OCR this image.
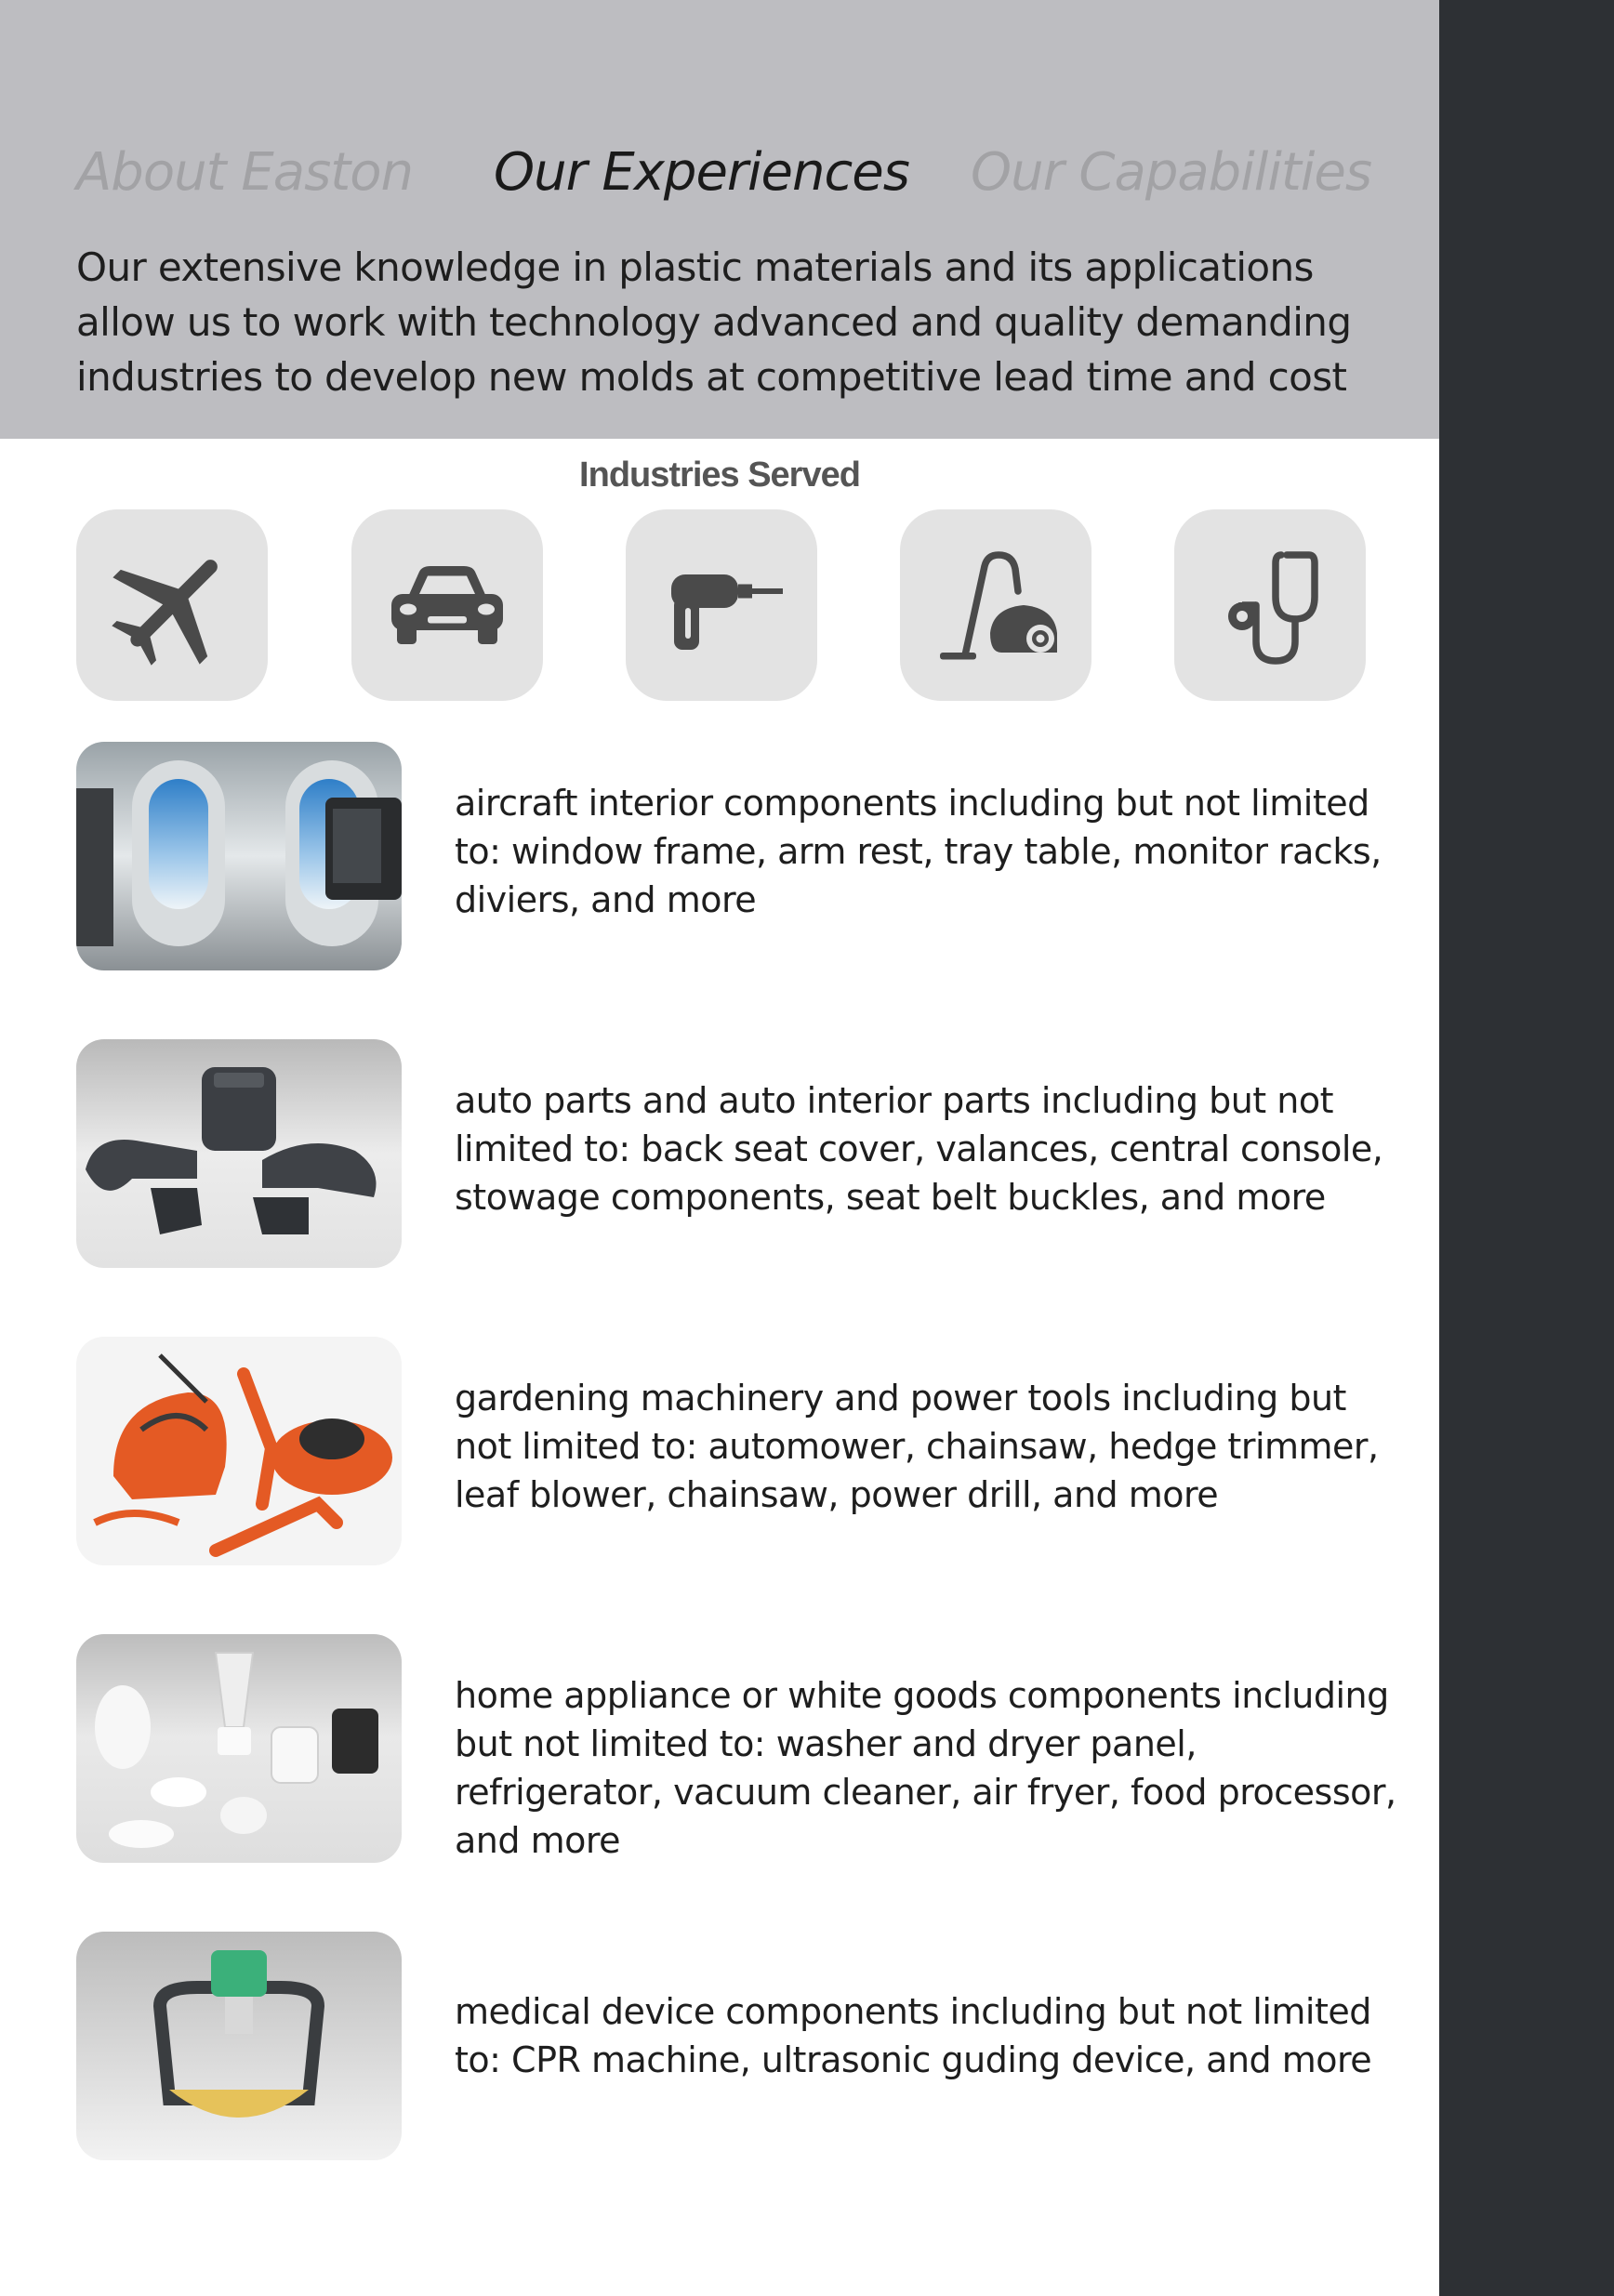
About Easton Our Experiences Our Capabilities

Our extensive knowledge in plastic materials and its applications allow us to work with technology advanced and quality demanding industries to develop new molds at competitive lead time and cost

Industries Served

aircraft interior components including but not limited to: window frame, arm rest, tray table, monitor racks, diviers, and more

auto parts and auto interior parts including but not limited to: back seat cover, valances, central console, stowage components, seat belt buckles, and more

gardening machinery and power tools including but not limited to: automower, chainsaw, hedge trimmer, leaf blower, chainsaw, power drill, and more

home appliance or white goods components including but not limited to: washer and dryer panel, refrigerator, vacuum cleaner, air fryer, food processor, and more

medical device components including but not limited to: CPR machine, ultrasonic guding device, and more
